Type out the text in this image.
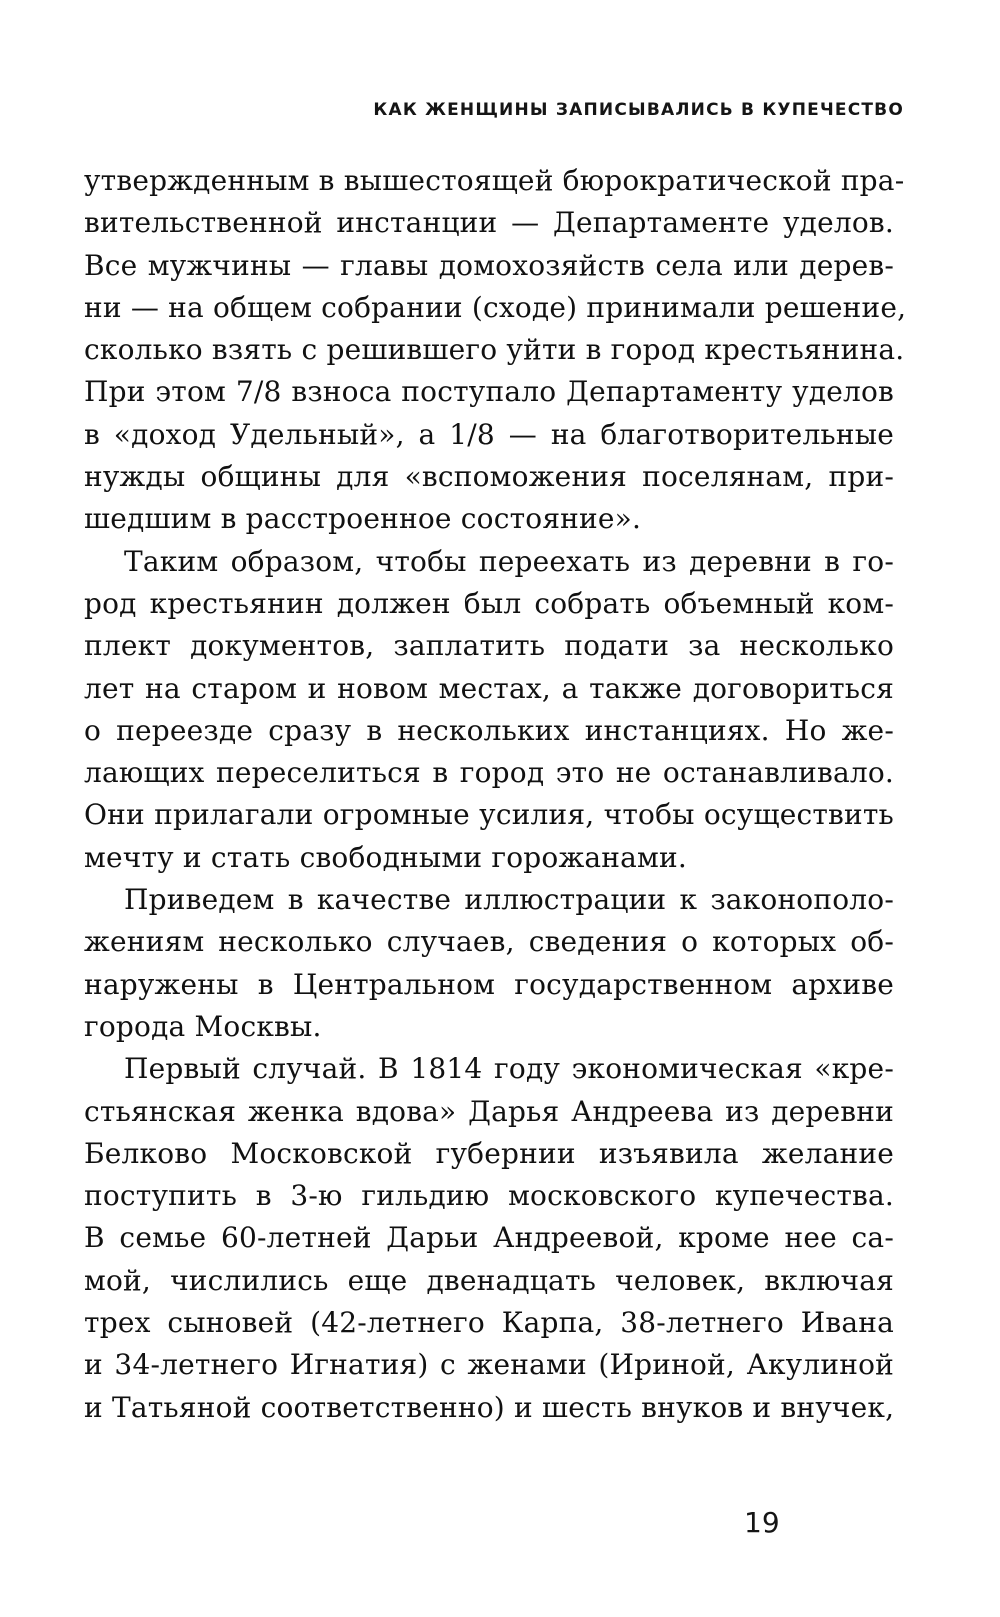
КАК ЖЕНЩИНЫ ЗАПИСЫВАЛИСЬ В КУПЕЧЕСТВО
утвержденным в вышестоящей бюрократической пра-
вительственной инстанции — Департаменте уделов.
Все мужчины — главы домохозяйств села или дерев-
ни — на общем собрании (сходе) принимали решение,
сколько взять с решившего уйти в город крестьянина.
При этом 7/8 взноса поступало Департаменту уделов
в «доход Удельный», а 1/8 — на благотворительные
нужды общины для «вспоможения поселянам, при-
шедшим в расстроенное состояние».
Таким образом, чтобы переехать из деревни в го-
род крестьянин должен был собрать объемный ком-
плект документов, заплатить подати за несколько
лет на старом и новом местах, а также договориться
о переезде сразу в нескольких инстанциях. Но же-
лающих переселиться в город это не останавливало.
Они прилагали огромные усилия, чтобы осуществить
мечту и стать свободными горожанами.
Приведем в качестве иллюстрации к законополо-
жениям несколько случаев, сведения о которых об-
наружены в Центральном государственном архиве
города Москвы.
Первый случай. В 1814 году экономическая «кре-
стьянская женка вдова» Дарья Андреева из деревни
Белково Московской губернии изъявила желание
поступить в 3-ю гильдию московского купечества.
В семье 60-летней Дарьи Андреевой, кроме нее са-
мой, числились еще двенадцать человек, включая
трех сыновей (42-летнего Карпа, 38-летнего Ивана
и 34-летнего Игнатия) с женами (Ириной, Акулиной
и Татьяной соответственно) и шесть внуков и внучек,
19
